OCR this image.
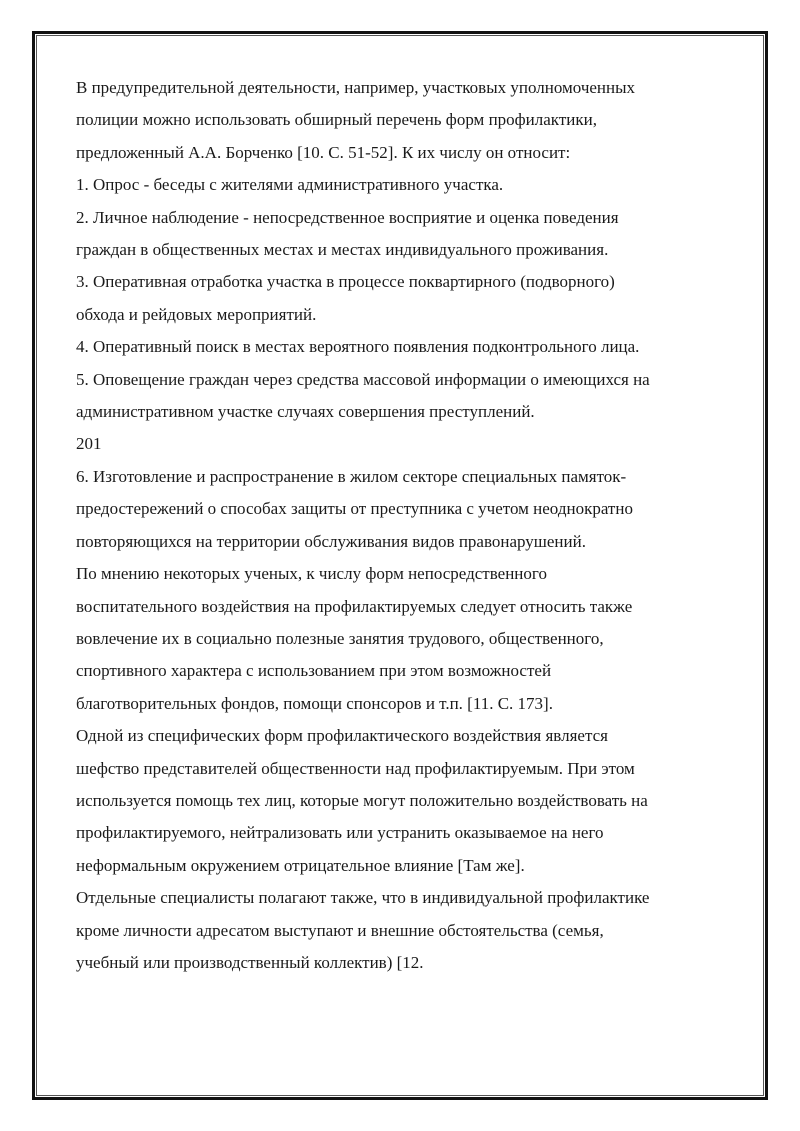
В предупредительной деятельности, например, участковых уполномоченных
полиции можно использовать обширный перечень форм профилактики,
предложенный А.А. Борченко [10. С. 51-52]. К их числу он относит:
1. Опрос - беседы с жителями административного участка.
2. Личное наблюдение - непосредственное восприятие и оценка поведения
граждан в общественных местах и местах индивидуального проживания.
3. Оперативная отработка участка в процессе поквартирного (подворного)
обхода и рейдовых мероприятий.
4. Оперативный поиск в местах вероятного появления подконтрольного лица.
5. Оповещение граждан через средства массовой информации о имеющихся на
административном участке случаях совершения преступлений.
201
6. Изготовление и распространение в жилом секторе специальных памяток-
предостережений о способах защиты от преступника с учетом неоднократно
повторяющихся на территории обслуживания видов правонарушений.
По мнению некоторых ученых, к числу форм непосредственного
воспитательного воздействия на профилактируемых следует относить также
вовлечение их в социально полезные занятия трудового, общественного,
спортивного характера с использованием при этом возможностей
благотворительных фондов, помощи спонсоров и т.п. [11. С. 173].
Одной из специфических форм профилактического воздействия является
шефство представителей общественности над профилактируемым. При этом
используется помощь тех лиц, которые могут положительно воздействовать на
профилактируемого, нейтрализовать или устранить оказываемое на него
неформальным окружением отрицательное влияние [Там же].
Отдельные специалисты полагают также, что в индивидуальной профилактике
кроме личности адресатом выступают и внешние обстоятельства (семья,
учебный или производственный коллектив) [12.
